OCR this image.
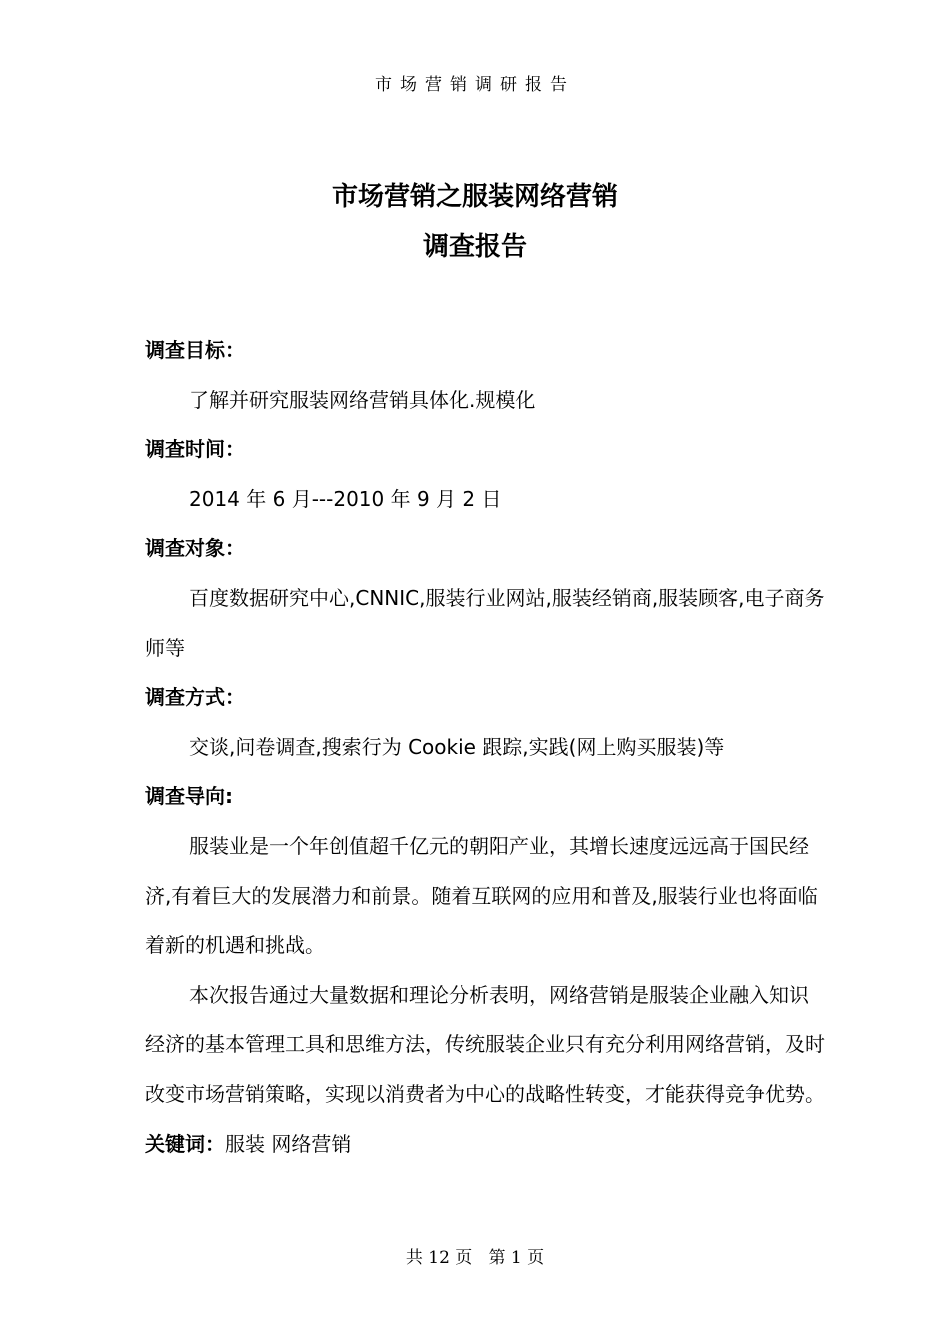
市场营销调研报告
市场营销之服装网络营销
调查报告

调查目标：

了解并研究服装网络营销具体化.规模化

调查时间：

2014 年 6 月---2010 年 9 月 2 日

调查对象：

百度数据研究中心,CNNIC,服装行业网站,服装经销商,服装顾客,电子商务师等

调查方式：

交谈,问卷调查,搜索行为 Cookie 跟踪,实践(网上购买服装)等

调查导向:

服装业是一个年创值超千亿元的朝阳产业，其增长速度远远高于国民经济,有着巨大的发展潜力和前景。随着互联网的应用和普及,服装行业也将面临着新的机遇和挑战。

本次报告通过大量数据和理论分析表明，网络营销是服装企业融入知识经济的基本管理工具和思维方法，传统服装企业只有充分利用网络营销，及时改变市场营销策略，实现以消费者为中心的战略性转变，才能获得竞争优势。

关键词：服装 网络营销

共 12 页 第 1 页
